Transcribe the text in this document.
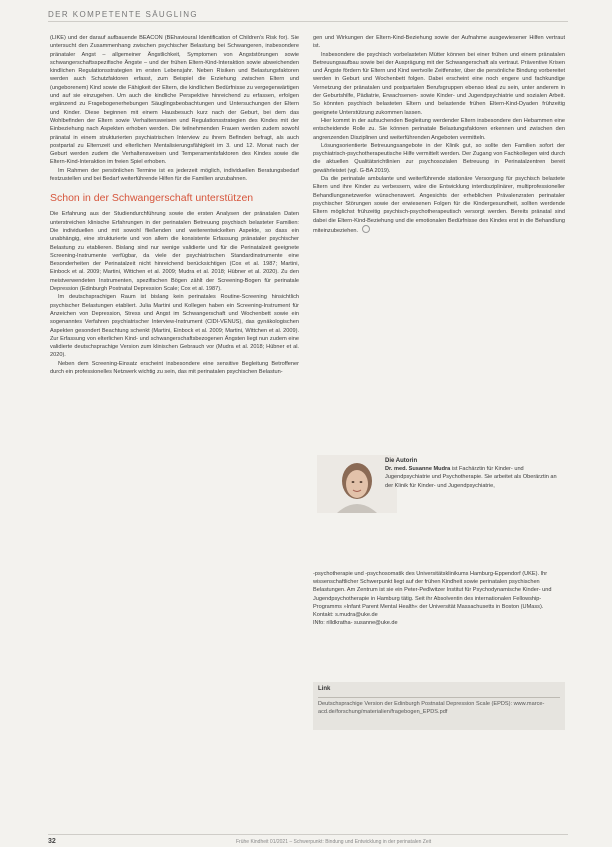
DER KOMPETENTE SÄUGLING

(LIKE) und der darauf aufbauende BEACON (BEhavioural Identification of Children's Risk for). Sie untersucht den Zusammenhang zwischen psychischer Belastung bei Schwangeren, insbesondere pränataler Angst – allgemeiner Ängstlichkeit, Symptomen von Angststörungen sowie schwangerschaftsspezifische Ängste – und der frühen Eltern-Kind-Interaktion sowie abweichenden kindlichen Regulationsstrategien im ersten Lebensjahr. Neben Risiken und Belastungsfaktoren werden auch Schutzfaktoren erfasst, zum Beispiel die Erziehung zwischen Eltern und (ungeborenem) Kind sowie die Fähigkeit der Eltern, die kindlichen Bedürfnisse zu vergegenwärtigen und auf sie einzugehen. Um auch die kindliche Perspektive hinreichend zu erfassen, erfolgen ergänzend zu Fragebogenerhebungen Säuglingsbeobachtungen und Untersuchungen der Eltern und Kinder. Diese beginnen mit einem Hausbesuch kurz nach der Geburt, bei dem das Wohlbefinden der Eltern sowie Verhaltensweisen und Regulationsstrategien des Kindes mit der Einbeziehung nach Aspekten erhoben werden. Die teilnehmenden Frauen werden zudem sowohl pränatal in einem strukturierten psychiatrischen Interview zu ihrem Befinden befragt, als auch postpartal zu Elternzeit und elterlichen Mentalisierungsfähigkeit im 3. und 12. Monat nach der Geburt werden zudem die Verhaltensweisen und Temperamentsfaktoren des Kindes sowie die Eltern-Kind-Interaktion im freien Spiel erhoben.

Im Rahmen der persönlichen Termine ist es jederzeit möglich, individuellen Beratungsbedarf festzustellen und bei Bedarf weiterführende Hilfen für die Familien anzubahnen.

Schon in der Schwangerschaft unterstützen

Die Erfahrung aus der Studiendurchführung sowie die ersten Analysen der pränatalen Daten unterstreichen klinische Erfahrungen in der perinatalen Betreuung psychisch belasteter Familien: Die individuellen und mit sowohl fließenden und weiterentwickelten Aspekte, so dass ein unabhängig, eine strukturierte und von allem die konsistente Erfassung pränataler psychischer Belastung zu etablieren. Bislang sind nur wenige validierte und für die Perinatalzeit geeignete Screening-Instrumente verfügbar, da viele der psychiatrischen Standardinstrumente eine Besonderheiten der Perinatalzeit nicht hinreichend berücksichtigen (Cox et al. 1987; Martini, Einbock et al. 2009; Martini, Wittchen et al. 2009; Mudra et al. 2018; Hübner et al. 2020). Zu den meistverwendeten Instrumenten, spezifischen Bögen zählt der Screening-Bogen für perinatale Depression (Edinburgh Postnatal Depression Scale; Cox et al. 1987).

Im deutschsprachigen Raum ist bislang kein perinatales Routine-Screening hinsichtlich psychischer Belastungen etabliert. Julia Martini und Kollegen haben ein Screening-Instrument für Anzeichen von Depression, Stress und Angst im Schwangerschaft und Wochenbett sowie ein sogenanntes Verfahren psychiatrischer Interview-Instrument (CIDI-VENUS), das gynäkologischen Aspekten gesondert Beachtung schenkt (Martini, Einbock et al. 2009; Martini, Wittchen et al. 2009). Zur Erfassung von elterlichen Kind- und schwangerschaftsbezogenen Ängsten liegt nun zudem eine validierte deutschsprachige Version zum klinischen Gebrauch vor (Mudra et al. 2018; Hübner et al. 2020).

Neben dem Screening-Einsatz erscheint insbesondere eine sensitive Begleitung Betroffener durch ein professionelles Netzwerk wichtig zu sein, das mit perinatalen psychischen Belastun-

gen und Wirkungen der Eltern-Kind-Beziehung sowie der Aufnahme ausgewiesener Hilfen vertraut ist.

Insbesondere die psychisch vorbelasteten Mütter können bei einer frühen und einem pränatalen Betreuungsaufbau sowie bei der Ausprägung mit der Schwangerschaft als vertraut. Präventive Krisen und Ängste fördern für Eltern und Kind wertvolle Zeitfenster, über die persönliche Bindung vorbereitet werden in Geburt und Wochenbett folgen. Dabei erscheint eine noch engere und fachkundige Vernetzung der pränatalen und postpartalen Berufsgruppen ebenso ideal zu sein, unter anderem in der Geburtshilfe, Pädiatrie, Erwachsenen- sowie Kinder- und Jugendpsychiatrie und sozialen Arbeit. So könnten psychisch belasteten Eltern und belastende frühen Eltern-Kind-Dyaden frühzeitig geeignete Unterstützung zukommen lassen.

Hier kommt in der aufsuchenden Begleitung werdender Eltern insbesondere den Hebammen eine entscheidende Rolle zu. Sie können perinatale Belastungsfaktoren erkennen und zwischen den angrenzenden Disziplinen und weiterführenden Angeboten vermitteln.

Lösungsorientierte Betreuungsangebote in der Klinik gut, so sollte den Familien sofort der psychiatrisch-psychotherapeutische Hilfe vermittelt werden. Der Zugang von Fachkollegen wird durch die aktuellen Qualitätsrichtlinien zur psychosozialen Betreuung in Perinatalzentren bereit gewährleistet (vgl. G-BA 2019).

Da die perinatale ambulante und weiterführende stationäre Versorgung für psychisch belastete Eltern und ihre Kinder zu verbessern, wäre die Entwicklung interdisziplinärer, multiprofessioneller Behandlungsnetzwerke wünschenswert. Angesichts der erheblichen Prävalenzraten perinataler psychischer Störungen sowie der erwiesenen Folgen für die Kindergesundheit, sollten werdende Eltern möglichst frühzeitig psychisch-psychotherapeutisch versorgt werden. Bereits pränatal sind dabei die Eltern-Kind-Beziehung und die emotionalen Bedürfnisse des Kindes erst in die Behandlung miteinzubeziehen.

Die Autorin
Dr. med. Susanne Mudra ist Fachärztin für Kinder- und Jugendpsychiatrie und Psychotherapie. Sie arbeitet als Oberärztin an der Klinik für Kinder- und Jugendpsychiatrie,
-psychotherapie und -psychosomatik des Universitätsklinikums Hamburg-Eppendorf (UKE). Ihr wissenschaftlicher Schwerpunkt liegt auf der frühen Kindheit sowie perinatalen psychischen Belastungen. Am Zentrum ist sie ein Peter-Pedlwitzer Institut für Psychodynamische Kinder- und Jugendpsychotherapie in Hamburg tätig. Seit ihr Absolventin des internationalen Fellowship-Programms »Infant Parent Mental Health« der Universität Massachusetts in Boston (UMass).
Kontakt: s.mudra@uke.de
INfo: rilldkratha- susanne@uke.de
Link
Deutschsprachige Version der Edinburgh Postnatal Depression Scale (EPDS): www.marce-acd.de/forschung/materialien/fragebogen_EPDS.pdf
32	Frühe Kindheit 01/2021 – Schwerpunkt: Bindung und Entwicklung in der perinatalen Zeit
